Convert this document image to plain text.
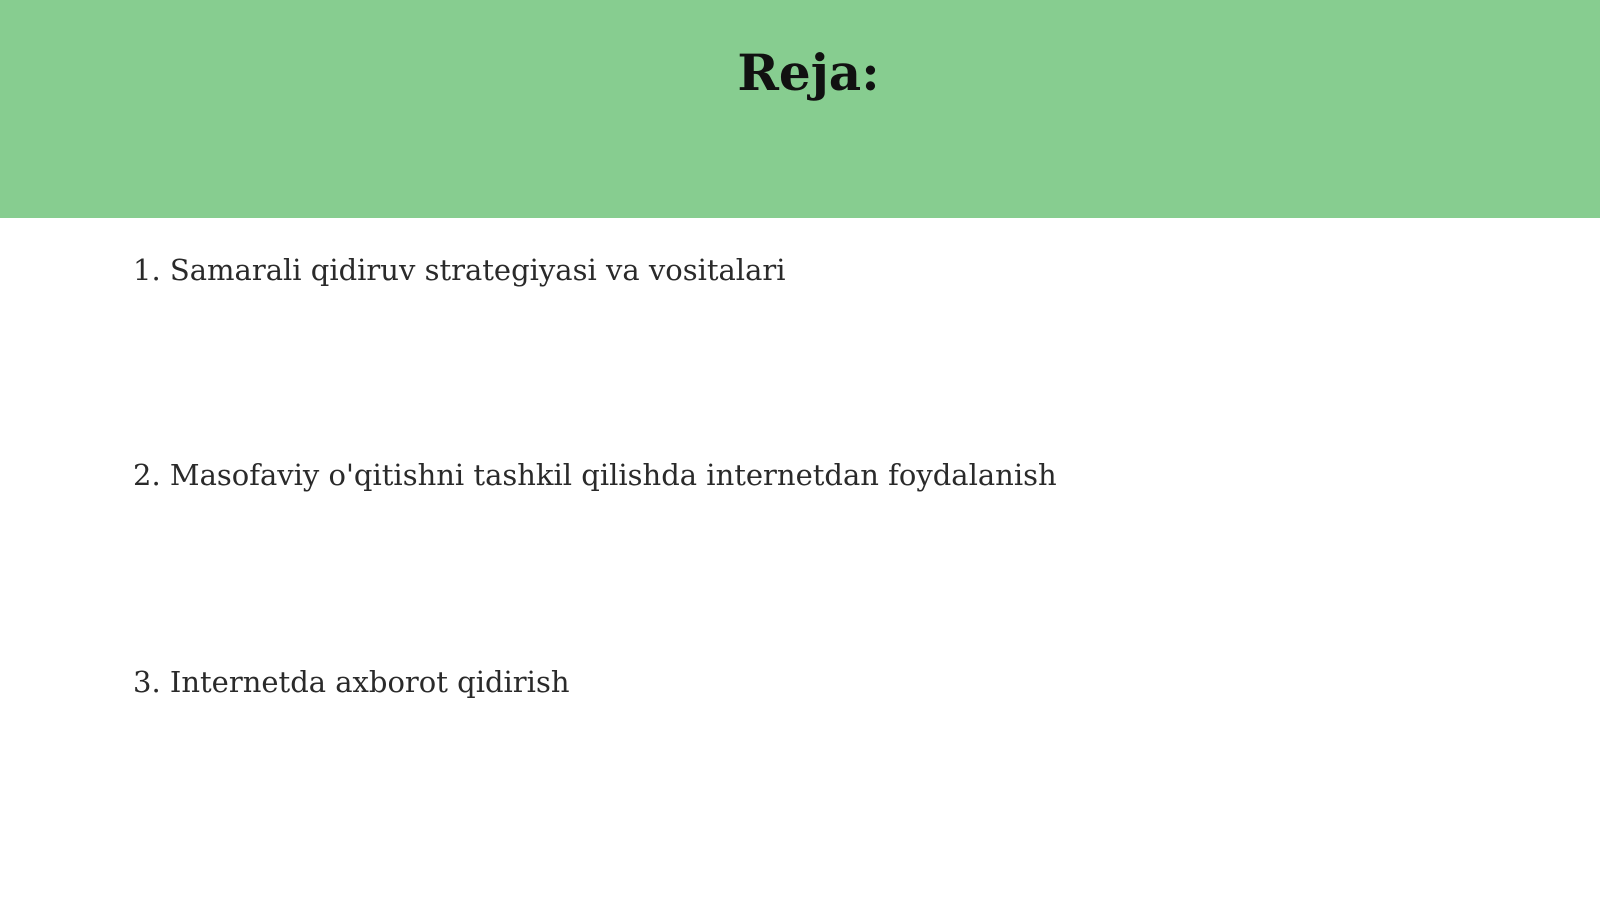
Reja:
1. Samarali qidiruv strategiyasi va vositalari
2. Masofaviy o'qitishni tashkil qilishda internetdan foydalanish
3. Internetda axborot qidirish
